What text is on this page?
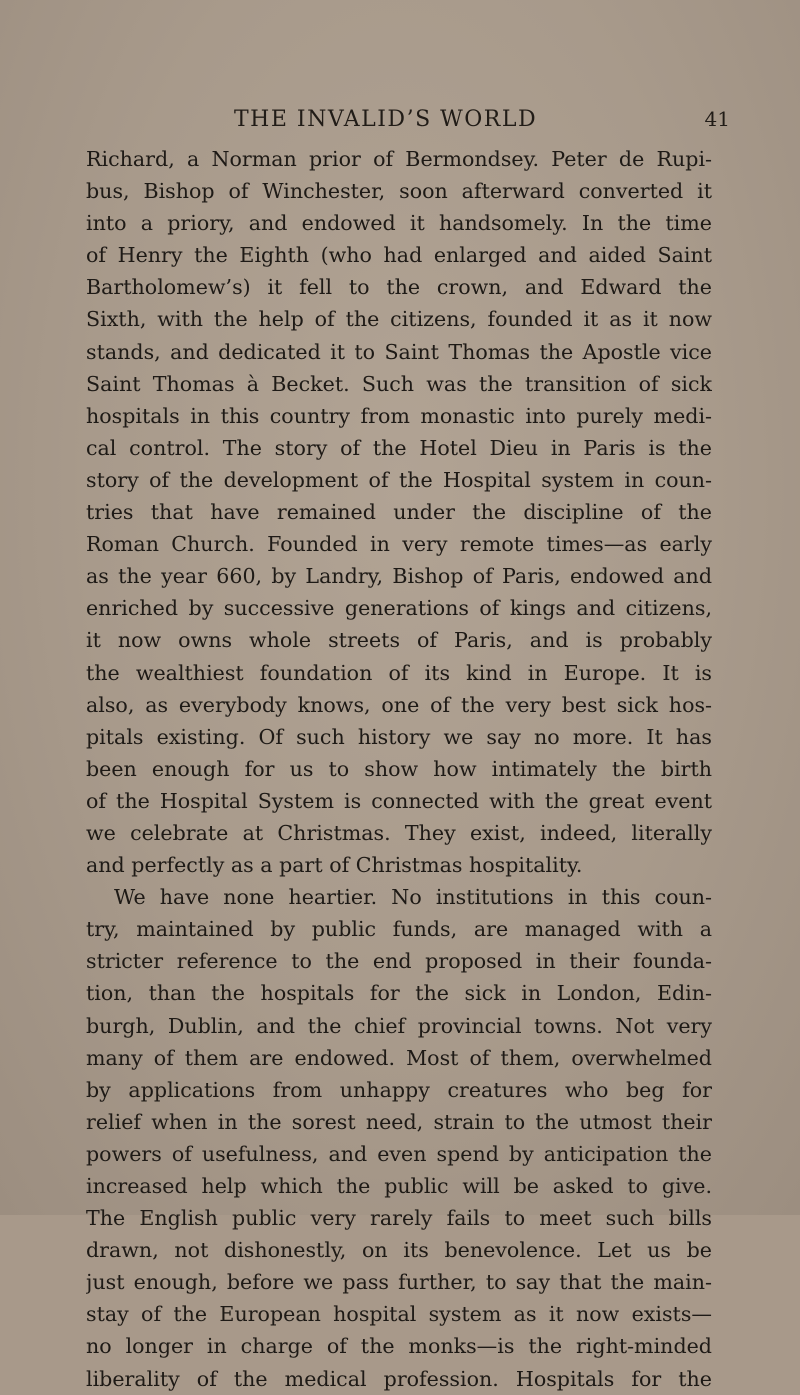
THE INVALID’S WORLD	41
Richard, a Norman prior of Bermondsey. Peter de Rupi-
bus, Bishop of Winchester, soon afterward converted it
into a priory, and endowed it handsomely. In the time
of Henry the Eighth (who had enlarged and aided Saint
Bartholomew’s) it fell to the crown, and Edward the
Sixth, with the help of the citizens, founded it as it now
stands, and dedicated it to Saint Thomas the Apostle vice
Saint Thomas à Becket. Such was the transition of sick
hospitals in this country from monastic into purely medi-
cal control. The story of the Hotel Dieu in Paris is the
story of the development of the Hospital system in coun-
tries that have remained under the discipline of the
Roman Church. Founded in very remote times—as early
as the year 660, by Landry, Bishop of Paris, endowed and
enriched by successive generations of kings and citizens,
it now owns whole streets of Paris, and is probably
the wealthiest foundation of its kind in Europe. It is
also, as everybody knows, one of the very best sick hos-
pitals existing. Of such history we say no more. It has
been enough for us to show how intimately the birth
of the Hospital System is connected with the great event
we celebrate at Christmas. They exist, indeed, literally
and perfectly as a part of Christmas hospitality.
We have none heartier. No institutions in this coun-
try, maintained by public funds, are managed with a
stricter reference to the end proposed in their founda-
tion, than the hospitals for the sick in London, Edin-
burgh, Dublin, and the chief provincial towns. Not very
many of them are endowed. Most of them, overwhelmed
by applications from unhappy creatures who beg for
relief when in the sorest need, strain to the utmost their
powers of usefulness, and even spend by anticipation the
increased help which the public will be asked to give.
The English public very rarely fails to meet such bills
drawn, not dishonestly, on its benevolence. Let us be
just enough, before we pass further, to say that the main-
stay of the European hospital system as it now exists—
no longer in charge of the monks—is the right-minded
liberality of the medical profession. Hospitals for the
